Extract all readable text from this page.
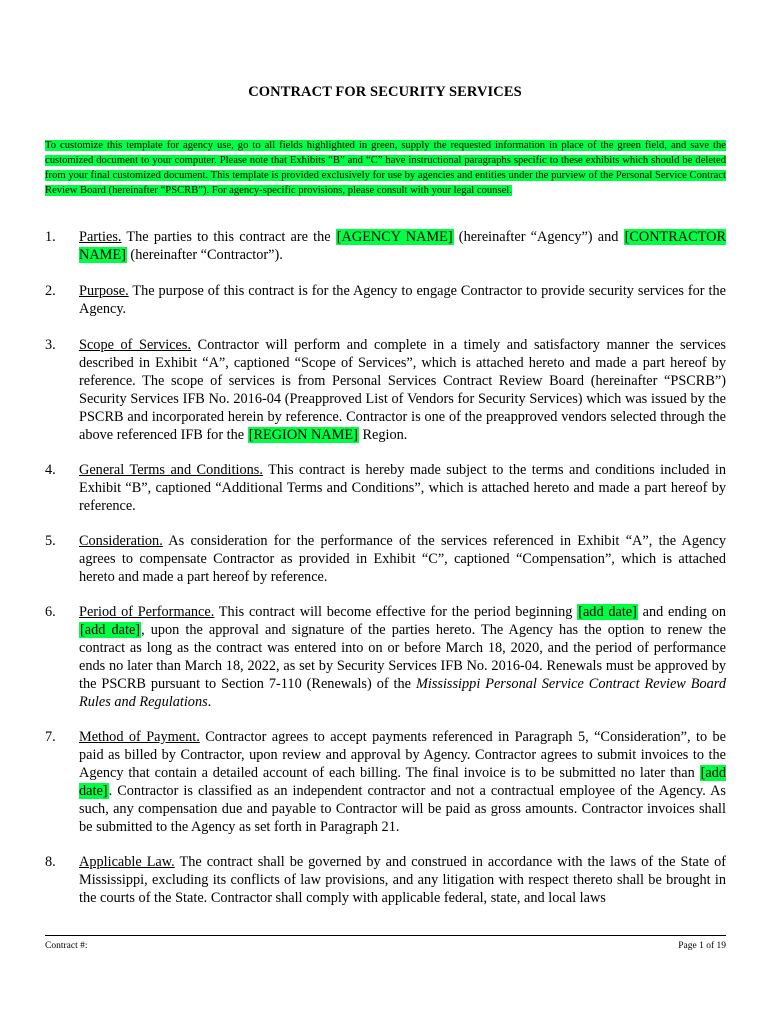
CONTRACT FOR SECURITY SERVICES
To customize this template for agency use, go to all fields highlighted in green, supply the requested information in place of the green field, and save the customized document to your computer. Please note that Exhibits “B” and “C” have instructional paragraphs specific to these exhibits which should be deleted from your final customized document. This template is provided exclusively for use by agencies and entities under the purview of the Personal Service Contract Review Board (hereinafter “PSCRB”). For agency-specific provisions, please consult with your legal counsel.
1. Parties. The parties to this contract are the [AGENCY NAME] (hereinafter “Agency”) and [CONTRACTOR NAME] (hereinafter “Contractor”).
2. Purpose. The purpose of this contract is for the Agency to engage Contractor to provide security services for the Agency.
3. Scope of Services. Contractor will perform and complete in a timely and satisfactory manner the services described in Exhibit “A”, captioned “Scope of Services”, which is attached hereto and made a part hereof by reference. The scope of services is from Personal Services Contract Review Board (hereinafter “PSCRB”) Security Services IFB No. 2016-04 (Preapproved List of Vendors for Security Services) which was issued by the PSCRB and incorporated herein by reference. Contractor is one of the preapproved vendors selected through the above referenced IFB for the [REGION NAME] Region.
4. General Terms and Conditions. This contract is hereby made subject to the terms and conditions included in Exhibit “B”, captioned “Additional Terms and Conditions”, which is attached hereto and made a part hereof by reference.
5. Consideration. As consideration for the performance of the services referenced in Exhibit “A”, the Agency agrees to compensate Contractor as provided in Exhibit “C”, captioned “Compensation”, which is attached hereto and made a part hereof by reference.
6. Period of Performance. This contract will become effective for the period beginning [add date] and ending on [add date], upon the approval and signature of the parties hereto. The Agency has the option to renew the contract as long as the contract was entered into on or before March 18, 2020, and the period of performance ends no later than March 18, 2022, as set by Security Services IFB No. 2016-04. Renewals must be approved by the PSCRB pursuant to Section 7-110 (Renewals) of the Mississippi Personal Service Contract Review Board Rules and Regulations.
7. Method of Payment. Contractor agrees to accept payments referenced in Paragraph 5, “Consideration”, to be paid as billed by Contractor, upon review and approval by Agency. Contractor agrees to submit invoices to the Agency that contain a detailed account of each billing. The final invoice is to be submitted no later than [add date]. Contractor is classified as an independent contractor and not a contractual employee of the Agency. As such, any compensation due and payable to Contractor will be paid as gross amounts. Contractor invoices shall be submitted to the Agency as set forth in Paragraph 21.
8. Applicable Law. The contract shall be governed by and construed in accordance with the laws of the State of Mississippi, excluding its conflicts of law provisions, and any litigation with respect thereto shall be brought in the courts of the State. Contractor shall comply with applicable federal, state, and local laws
Contract #:	Page 1 of 19
